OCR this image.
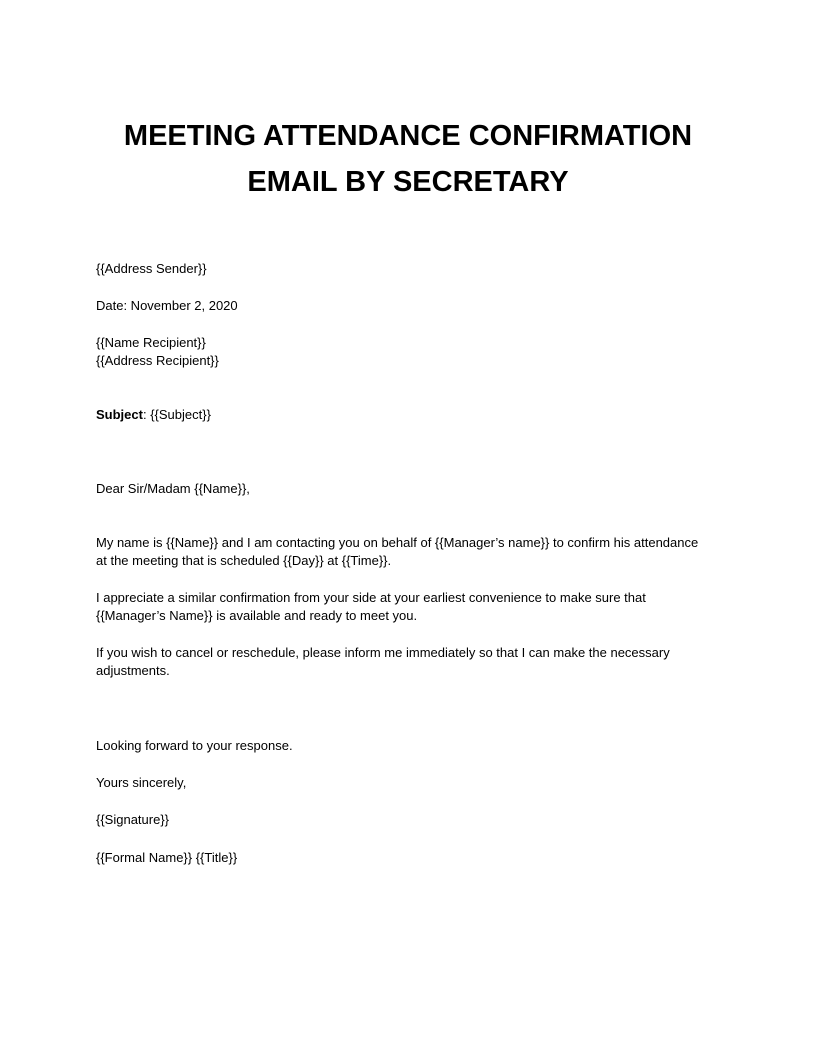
MEETING ATTENDANCE CONFIRMATION
EMAIL BY SECRETARY
{{Address Sender}}
Date: November 2, 2020
{{Name Recipient}}
{{Address Recipient}}
Subject: {{Subject}}
Dear Sir/Madam {{Name}},
My name is {{Name}} and I am contacting you on behalf of {{Manager’s name}} to confirm his attendance
at the meeting that is scheduled {{Day}} at {{Time}}.
I appreciate a similar confirmation from your side at your earliest convenience to make sure that
{{Manager’s Name}} is available and ready to meet you.
If you wish to cancel or reschedule, please inform me immediately so that I can make the necessary
adjustments.
Looking forward to your response.
Yours sincerely,
{{Signature}}
{{Formal Name}} {{Title}}
